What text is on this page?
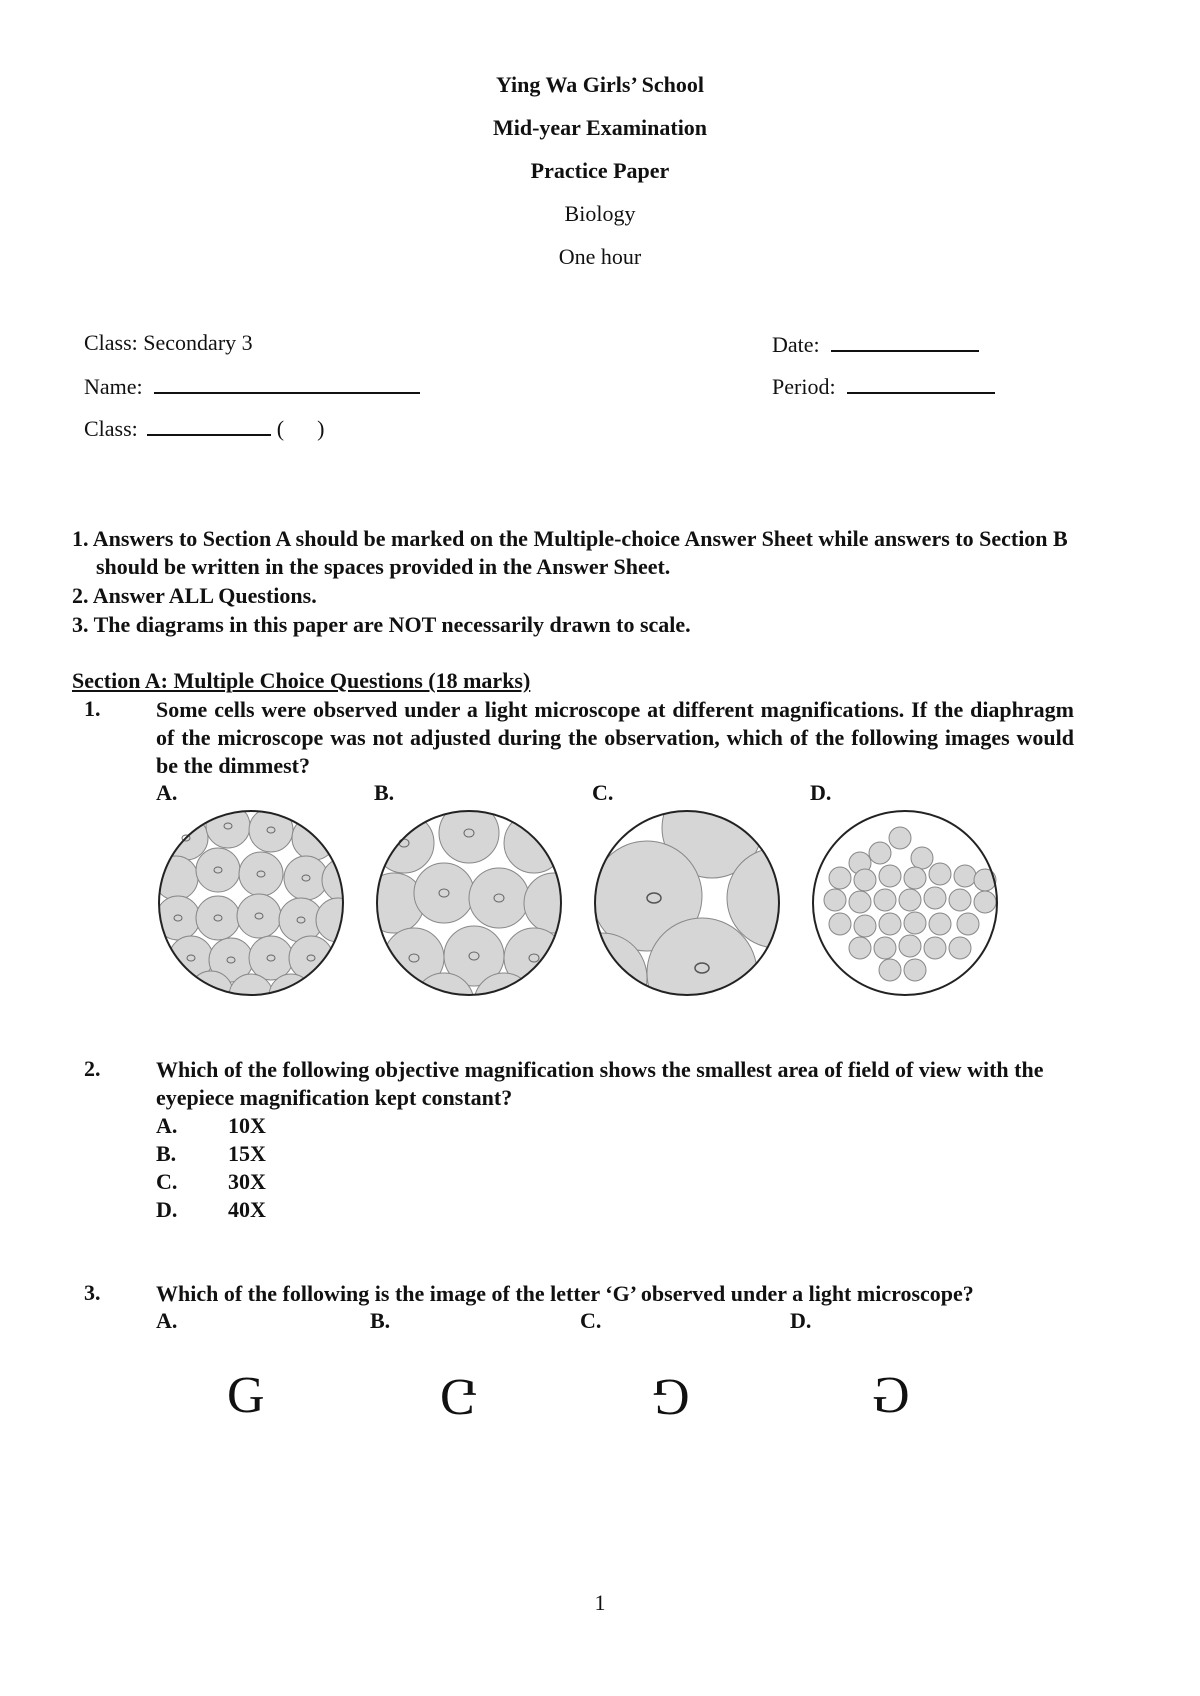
Ying Wa Girls’ School
Mid-year Examination
Practice Paper
Biology
One hour
Class: Secondary 3
Name:
Class:	(      )
Date:
Period:
1. Answers to Section A should be marked on the Multiple-choice Answer Sheet while answers to Section B
should be written in the spaces provided in the Answer Sheet.
2. Answer ALL Questions.
3. The diagrams in this paper are NOT necessarily drawn to scale.
Section A: Multiple Choice Questions (18 marks)
1.	Some cells were observed under a light microscope at different magnifications. If the diaphragm of the microscope was not adjusted during the observation, which of the following images would be the dimmest?
A.	B.	C.	D.
2.	Which of the following objective magnification shows the smallest area of field of view with the eyepiece magnification kept constant?
A. 10X
B. 15X
C. 30X
D. 40X
3.	Which of the following is the image of the letter ‘G’ observed under a light microscope?
A.	B.	C.	D.
G	G	G	G
1
